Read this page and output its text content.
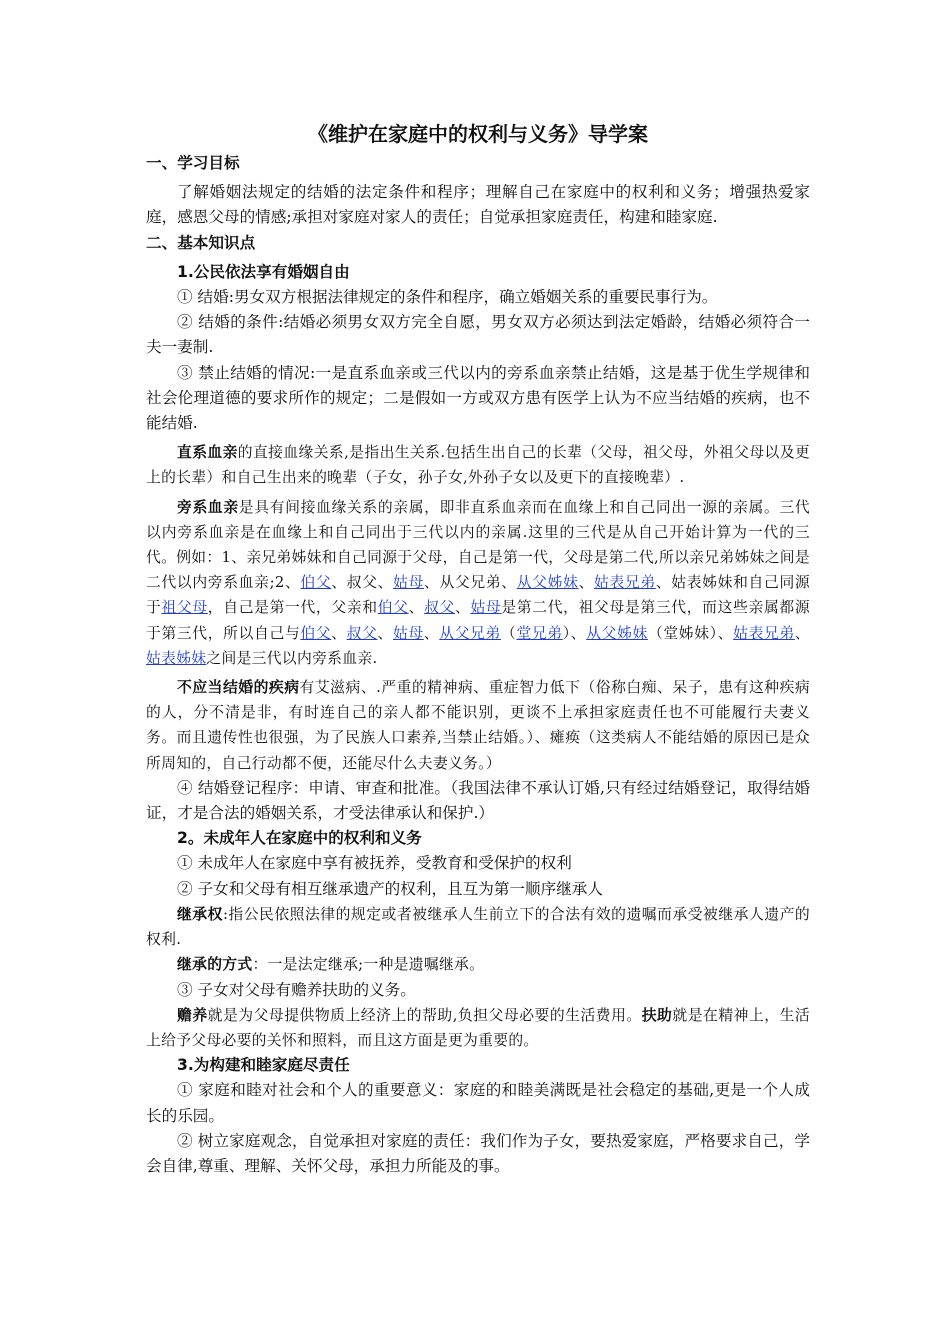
《维护在家庭中的权利与义务》导学案
一、学习目标

了解婚姻法规定的结婚的法定条件和程序；理解自己在家庭中的权利和义务；增强热爱家庭，感恩父母的情感;承担对家庭对家人的责任；自觉承担家庭责任，构建和睦家庭.

二、基本知识点
1.公民依法享有婚姻自由

① 结婚:男女双方根据法律规定的条件和程序，确立婚姻关系的重要民事行为。

② 结婚的条件:结婚必须男女双方完全自愿，男女双方必须达到法定婚龄，结婚必须符合一夫一妻制.

③ 禁止结婚的情况:一是直系血亲或三代以内的旁系血亲禁止结婚，这是基于优生学规律和社会伦理道德的要求所作的规定；二是假如一方或双方患有医学上认为不应当结婚的疾病，也不能结婚.

直系血亲的直接血缘关系,是指出生关系.包括生出自己的长辈（父母，祖父母，外祖父母以及更上的长辈）和自己生出来的晚辈（子女，孙子女,外孙子女以及更下的直接晚辈）.

旁系血亲是具有间接血缘关系的亲属，即非直系血亲而在血缘上和自己同出一源的亲属。三代以内旁系血亲是在血缘上和自己同出于三代以内的亲属.这里的三代是从自己开始计算为一代的三代。例如：1、亲兄弟姊妹和自己同源于父母，自己是第一代，父母是第二代,所以亲兄弟姊妹之间是二代以内旁系血亲;2、伯父、叔父、姑母、从父兄弟、从父姊妹、姑表兄弟、姑表姊妹和自己同源于祖父母，自己是第一代，父亲和伯父、叔父、姑母是第二代，祖父母是第三代，而这些亲属都源于第三代，所以自己与伯父、叔父、姑母、从父兄弟（堂兄弟）、从父姊妹（堂姊妹）、姑表兄弟、姑表姊妹之间是三代以内旁系血亲.

不应当结婚的疾病有艾滋病、.严重的精神病、重症智力低下（俗称白痴、呆子，患有这种疾病的人，分不清是非，有时连自己的亲人都不能识别，更谈不上承担家庭责任也不可能履行夫妻义务。而且遗传性也很强，为了民族人口素养,当禁止结婚。）、瘫痪（这类病人不能结婚的原因已是众所周知的，自己行动都不便，还能尽什么夫妻义务。）

④ 结婚登记程序：申请、审查和批准。（我国法律不承认订婚,只有经过结婚登记，取得结婚证，才是合法的婚姻关系，才受法律承认和保护.）

2。未成年人在家庭中的权利和义务

① 未成年人在家庭中享有被抚养，受教育和受保护的权利

② 子女和父母有相互继承遗产的权利，且互为第一顺序继承人

继承权:指公民依照法律的规定或者被继承人生前立下的合法有效的遗嘱而承受被继承人遗产的权利.

继承的方式：一是法定继承;一种是遗嘱继承。

③ 子女对父母有赡养扶助的义务。

赡养就是为父母提供物质上经济上的帮助,负担父母必要的生活费用。扶助就是在精神上，生活上给予父母必要的关怀和照料，而且这方面是更为重要的。

3.为构建和睦家庭尽责任

① 家庭和睦对社会和个人的重要意义：家庭的和睦美满既是社会稳定的基础,更是一个人成长的乐园。

② 树立家庭观念，自觉承担对家庭的责任：我们作为子女，要热爱家庭，严格要求自己，学会自律,尊重、理解、关怀父母，承担力所能及的事。
